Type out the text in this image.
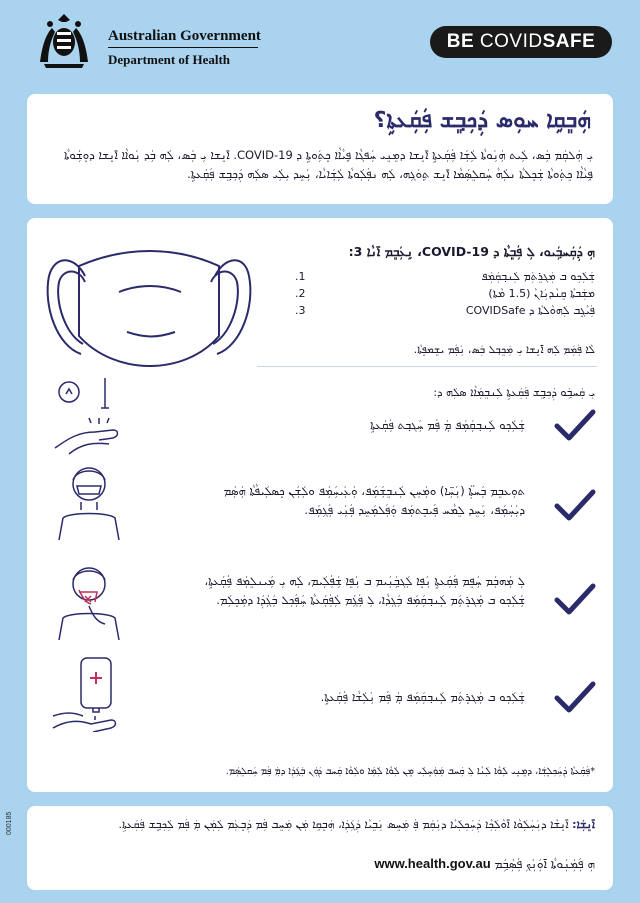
Australian Government
Department of Health
BE COVIDSAFE
ܗܲܒܸܩܹܐ ܚܘܼܣ ܕܲܟܼܒ݂ܸܫ ܦܲܩܲܥܬܹܐ؟
ܝܼ ܗܲܠܩܲܡ ܒܲܣ، ܠܲܝܬ ܗܲܢܲܘܬܵܐ ܠܲܫܲܐ ܦܲܩܲܥܬܹܐ ܐ̄ܢܸܫܐ ܕܡܸܢܸܝ ܚܲܦܓܵܐ ܦܹܝܵܐܵܐ ܟܸܬܲܘܬܹܐ ܕ COVID-19. ܐ̄ܢܸܫܐ ܝܼ ܒܲܣ، ܠܲܗ ܒܲܕ ܢܲܘܐܵܐ ܐ̄ܢܸܫܐ ܕܘܸܫܲܘܬܵܐ ܦܹܝܵܐܵܐ ܟܸܬܲܘܬܵܐ ܫܲܟܸܠܬܵܐ ܢܠܲܗܵ ܚܲܩܠܸܣܲܡܵܐ ܐ̄ܢܸܫ ܬܹܘܿܓܼܗ، ܠܲܗ ܢܦܲܠܲܘܬܵܐ ܠܲܫܲܐܝܵܐ، ܢܲܚܸܕ ܝܼܠܲܝ ܣܠܲܗ ܕܲܟܼܒ݂ܸܫ ܦܲܩܲܥܬܹܐ.
ܗܼ ܕܲܩܲܚܒ݂ܲܝܘ، ܠܼ ܦܲܒܸܬܵܐ ܕ COVID-19، ܢܹܥܲܒܸܡ ܐ̄ܢܵܐ 3:
1.	ܫܲܠܲܟܼܘ ܒ ܡܲܓܪܸܬܲܡ ܠܲܢܒ݂ܩܲܡܲܦ
2.	ܡܫܲܒܬܵܐ ܩܸܢܵܕܢܲܐܢܵ (1.5 ܡܵܬܐ)
3.	ܦܲܝܵܓܸܒ ܠܲܗܘܵܠܬܵܐ ܕ COVIDSafe
ܠܵܐ ܦܲܡܲܡ ܠܲܗ ܐ̄ܢܸܫܐ ܝܼ ܡܲܟܸܒ݂ܠ ܒܲܣ، ܢܲܦܲܡ ܝܫܸܡܦܸܬܵܐ.
ܝܼ ܩܲܚܒ݂ܲܘ ܕܲܟܼܒ݂ܸܫ ܦܲܩܲܥܬܹܐ ܠܲܢܒܸܡܲܐܵܐ ܣܠܲܗ ܕ:
ܫܲܠܲܟܼܘ ܠܲܢܒ݂ܩܲܡܲܦ ܡܲ ܦܲܡ ܚܲܓܒ݂ܬ ܦܲܩܲܥܬܹܐ
ܬܘܼܥܒܸܡ ܒܲܚܬܼ̈ܐ (ܢܲܚܼ̈ܐ) ܘܡܲܚܼܢ ܠܲܢܒܸܫܲܡܲܦ، ܘܲܥܲܝܚܲܡܲܦ ܘܠܲܫܲܢ ܟܸܣܠܲܝܦܵܬܵܐ ܗܲܣܲܡ ܕܝܲܚܲܡܲܦ، ܢܲܚܸܕ ܠܸܡܵܚ ܦܲܝܒܸܬܡܲܦ ܘܲܦܲܠܡܲܚܸܕ ܦܲܢܲܝ ܦܲܓܼܡܲܦ.
ܠܼ ܡܲܗܒܲܡ ܚܲܦܸܡ ܦܲܩܲܥܬܹܐ ܢܲܦܸܐ ܠܲܓܒ݂ܲܢܲܝܡ ܒ ܢܲܦܸܐ ܫܲܦܲܠܲܝܡ، ܠܲܗ ܝܼ ܡܲܝܢܠܸܡܲܦ ܦܲܩܲܥܬܹܐ، ܫܲܠܲܟܼܘ ܒ ܡܲܓܪܸܬܲܡ ܠܲܢܒ݂ܩܲܡܲܦ ܒܲܓܼܕܵܐ، ܠܼ ܦܲܓܲܡ ܠܲܦܲܩܲܥܬܵܐ ܚܲܦܲܟܼܠ ܒܲܓܲܕܲܐ ܕܡܲܟܸܠܲܡ.
ܫܲܠܲܟܼܘ ܒ ܡܲܓܪܸܬܲܡ ܠܲܢܒ݂ܩܲܡܲܦ ܡܲ ܦܲܡ ܢܲܠܲܫܵܐ ܦܲܩܲܥܬܹܐ.
*ܦܲܩܲܥܬܵܐ ܕܲܚܲܟܼܠܸܫܲܐ، ܕܡܸܢܸܝ ܠܲܘܵܐ ܠܲܢܵܐ ܠܼ ܩܲܚܒ ܡܲܘܲܚܸܠܲܝ ܡܸܢ ܠܲܘܵܐ ܠܲܡܲܐ ܘܠܲܘܵܐ ܩܲܚܒ ܕܲܘܲܢ ܒܲܓܲܕܲܐ ܕܡܲ ܦܲܡ ܚܲܩܠܸܣܲܡ.
ܐ̄ܢܸܫܲܐ: ܐ̄ܢܸܫܵܐ ܕܢܲܚܲܠܲܘܵܐ ܐ̄ܘܵܠܲܟܼܵܐ ܕܲܚܲܟܼܠܲܝܵܐ ܕܢܲܩܲܡ ܦܲ ܡܲܚܸܣ ܢܲܒܸܝܵܐ ܕܲܓܲܕܲܐ، ܗܲܒܸܩܹܐ ܡܲܢ ܡܲܚܸܒ ܦܲܡ ܕܲܒܸܥܲܡ ܠܲܡܲܢ ܡܲ ܦܲܡ ܠܲܟܼܒ݂ܸܫ ܦܲܩܲܥܬܹܐ.
ܗܼ ܦܲܡܲܢܲܘܬܵܐ ܐ̄ܘܲܢܲܟܼ ܦܲܣܲܒ݂ܲܡ www.health.gov.au
000185
